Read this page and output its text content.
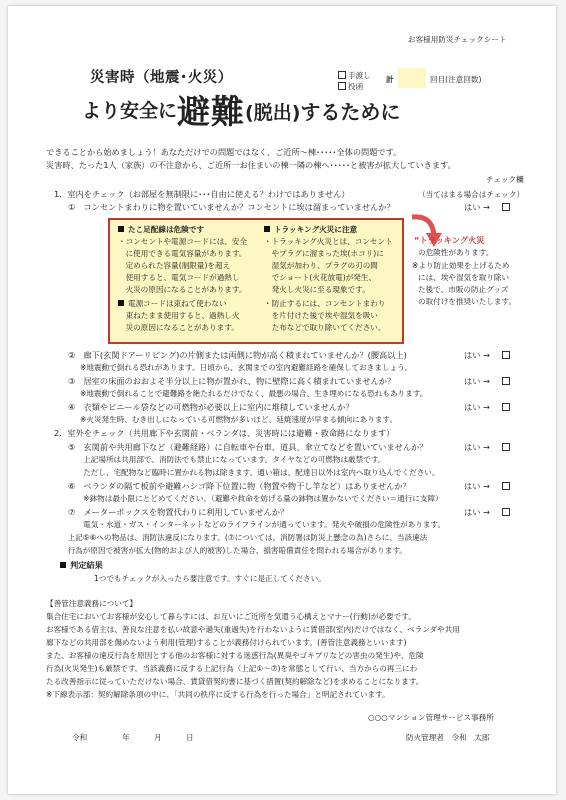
お客様用防災チェックシート
災害時（地震･火災）	手渡し
投函
計	回目(注意回数)
より安全に避難(脱出)するために
できることから始めましょう！あなただけでの問題ではなく、ご近所～棟･････全体の問題です。
災害時、たった1人（家族）の不注意から、ご近所一お住まいの棟一隣の棟へ･････と被害が拡大していきます。
チェック欄
1．室内をチェック（お部屋を無制限に･･･自由に使える？わけではありません）	（当てはまる場合はチェック）
①　コンセントまわりに物を置いていませんか？コンセントに埃は溜まっていませんか？	はい →
たこ足配線は危険です
・コンセントや電源コードには、安全
　に使用できる電気容量があります。
　定められた容量(制限量)を超え
　使用すると、電気コードが過熱し
　火災の原因になることがあります。
電源コードは束ねて使わない
　束ねたまま使用すると、過熱し火
　災の原因になることがあります。
トラッキング火災に注意
・トラッキング火災とは、コンセント
　やプラグに溜まった埃(ホコリ)に
　湿気が加わり、プラグの刃の間
　でショート(火花放電)が発生、
　発火し火災に至る現象です。
・防止するには、コンセントまわり
　を片付けた後で埃や湿気を吸い
　た布などで取り除いてください。
“トラッキング火災
の危険性があります。
※より防止効果を上げるため
には、埃や湿気を取り除い
た後で、市販の防止グッズ
の取付けを推奨いたします。
②　廊下(玄関ドアーリビング)の片側または両側に物が高く積まれていませんか？(腰高以上)	はい →
※地震動で倒れる恐れがあります。日頃から、玄関までの室内避難経路を確保しておきましょう。
③　居室の床面のおおよそ半分以上に物が置かれ、物に壁際に高く積まれていませんか？	はい →
※地震動で倒れることで避難路を絶たれるだけでなく、最悪の場合、生き埋めになる恐れもあります。
④　衣類やビニール袋などの可燃物が必要以上に室内に堆積していませんか？	はい →
※火災発生時、むき出しになっている可燃物が多いほど、延焼速度が早まる傾向にあります。
2．室外をチェック（共用廊下や玄関前・ベランダは、災害時には避難・救命路になります）
⑤　玄関前や共用廊下など（避難経路）に自転車や台車、道具、傘立てなどを置いていませんか？	はい →
　　上記場所は共用部で、消防法でも禁止になっています。タイヤなどの可燃物は厳禁です。
　　ただし、宅配物など臨時に置かれる物は除きます。通い箱は、配達日以外は室内へ取り込んでください。
⑥　ベランダの隔て板前や避難ハシゴ降下位置に物（物置や物干し竿など）はありませんか？	はい →
　　※鉢物は最小限にとどめてください。（避難や救命を妨げる量の鉢物は置かないでください＝通行に支障）
⑦　メーターボックスを物置代わりに利用していませんか？	はい →
　　電気・水道・ガス・インターネットなどのライフラインが通っています。発火や破損の危険性があります。
　上記⑤⑥への物品は、消防法違反になります。(⑦については、消防署は防災上懸念の為)さらに、当該違法
　行為が原因で被害が拡大(物的および人的被害)した場合、損害賠償責任を問われる場合があります。
判定結果
1つでもチェックが入ったら要注意です。すぐに是正してください。
【善管注意義務について】
集合住宅においてお客様が安心して暮らすには、お互いにご近所を気遣う心構えとマナー(行動)が必要です。
お客様である借主は、善良な注意を払い故意や過失(重過失)を行わないように賃借部(室内)だけではなく、ベランダや共用
廊下などの共用部を傷めないよう利用(管理)することが義務付けられています。(善管注意義務といいます)
また、お客様の違反行為を原因とする他のお客様に対する迷惑行為(異臭やゴキブリなどの害虫の発生)や、危険
行為(火災発生)も厳禁です。当該義務に反する上記行為（上記①～⑦)を常態として行い、当方からの再三にわ
たる改善指示に従っていただけない場合、賃貸借契約書に基づく措置(契約解除など)を求めることになります。
※下線表示部：契約解除条項の中に、「共同の秩序に反する行為を行った場合」と明記されています。
○○○マンション管理サービス事務所
令和	年	月	日	防火管理者　令和　太郎
